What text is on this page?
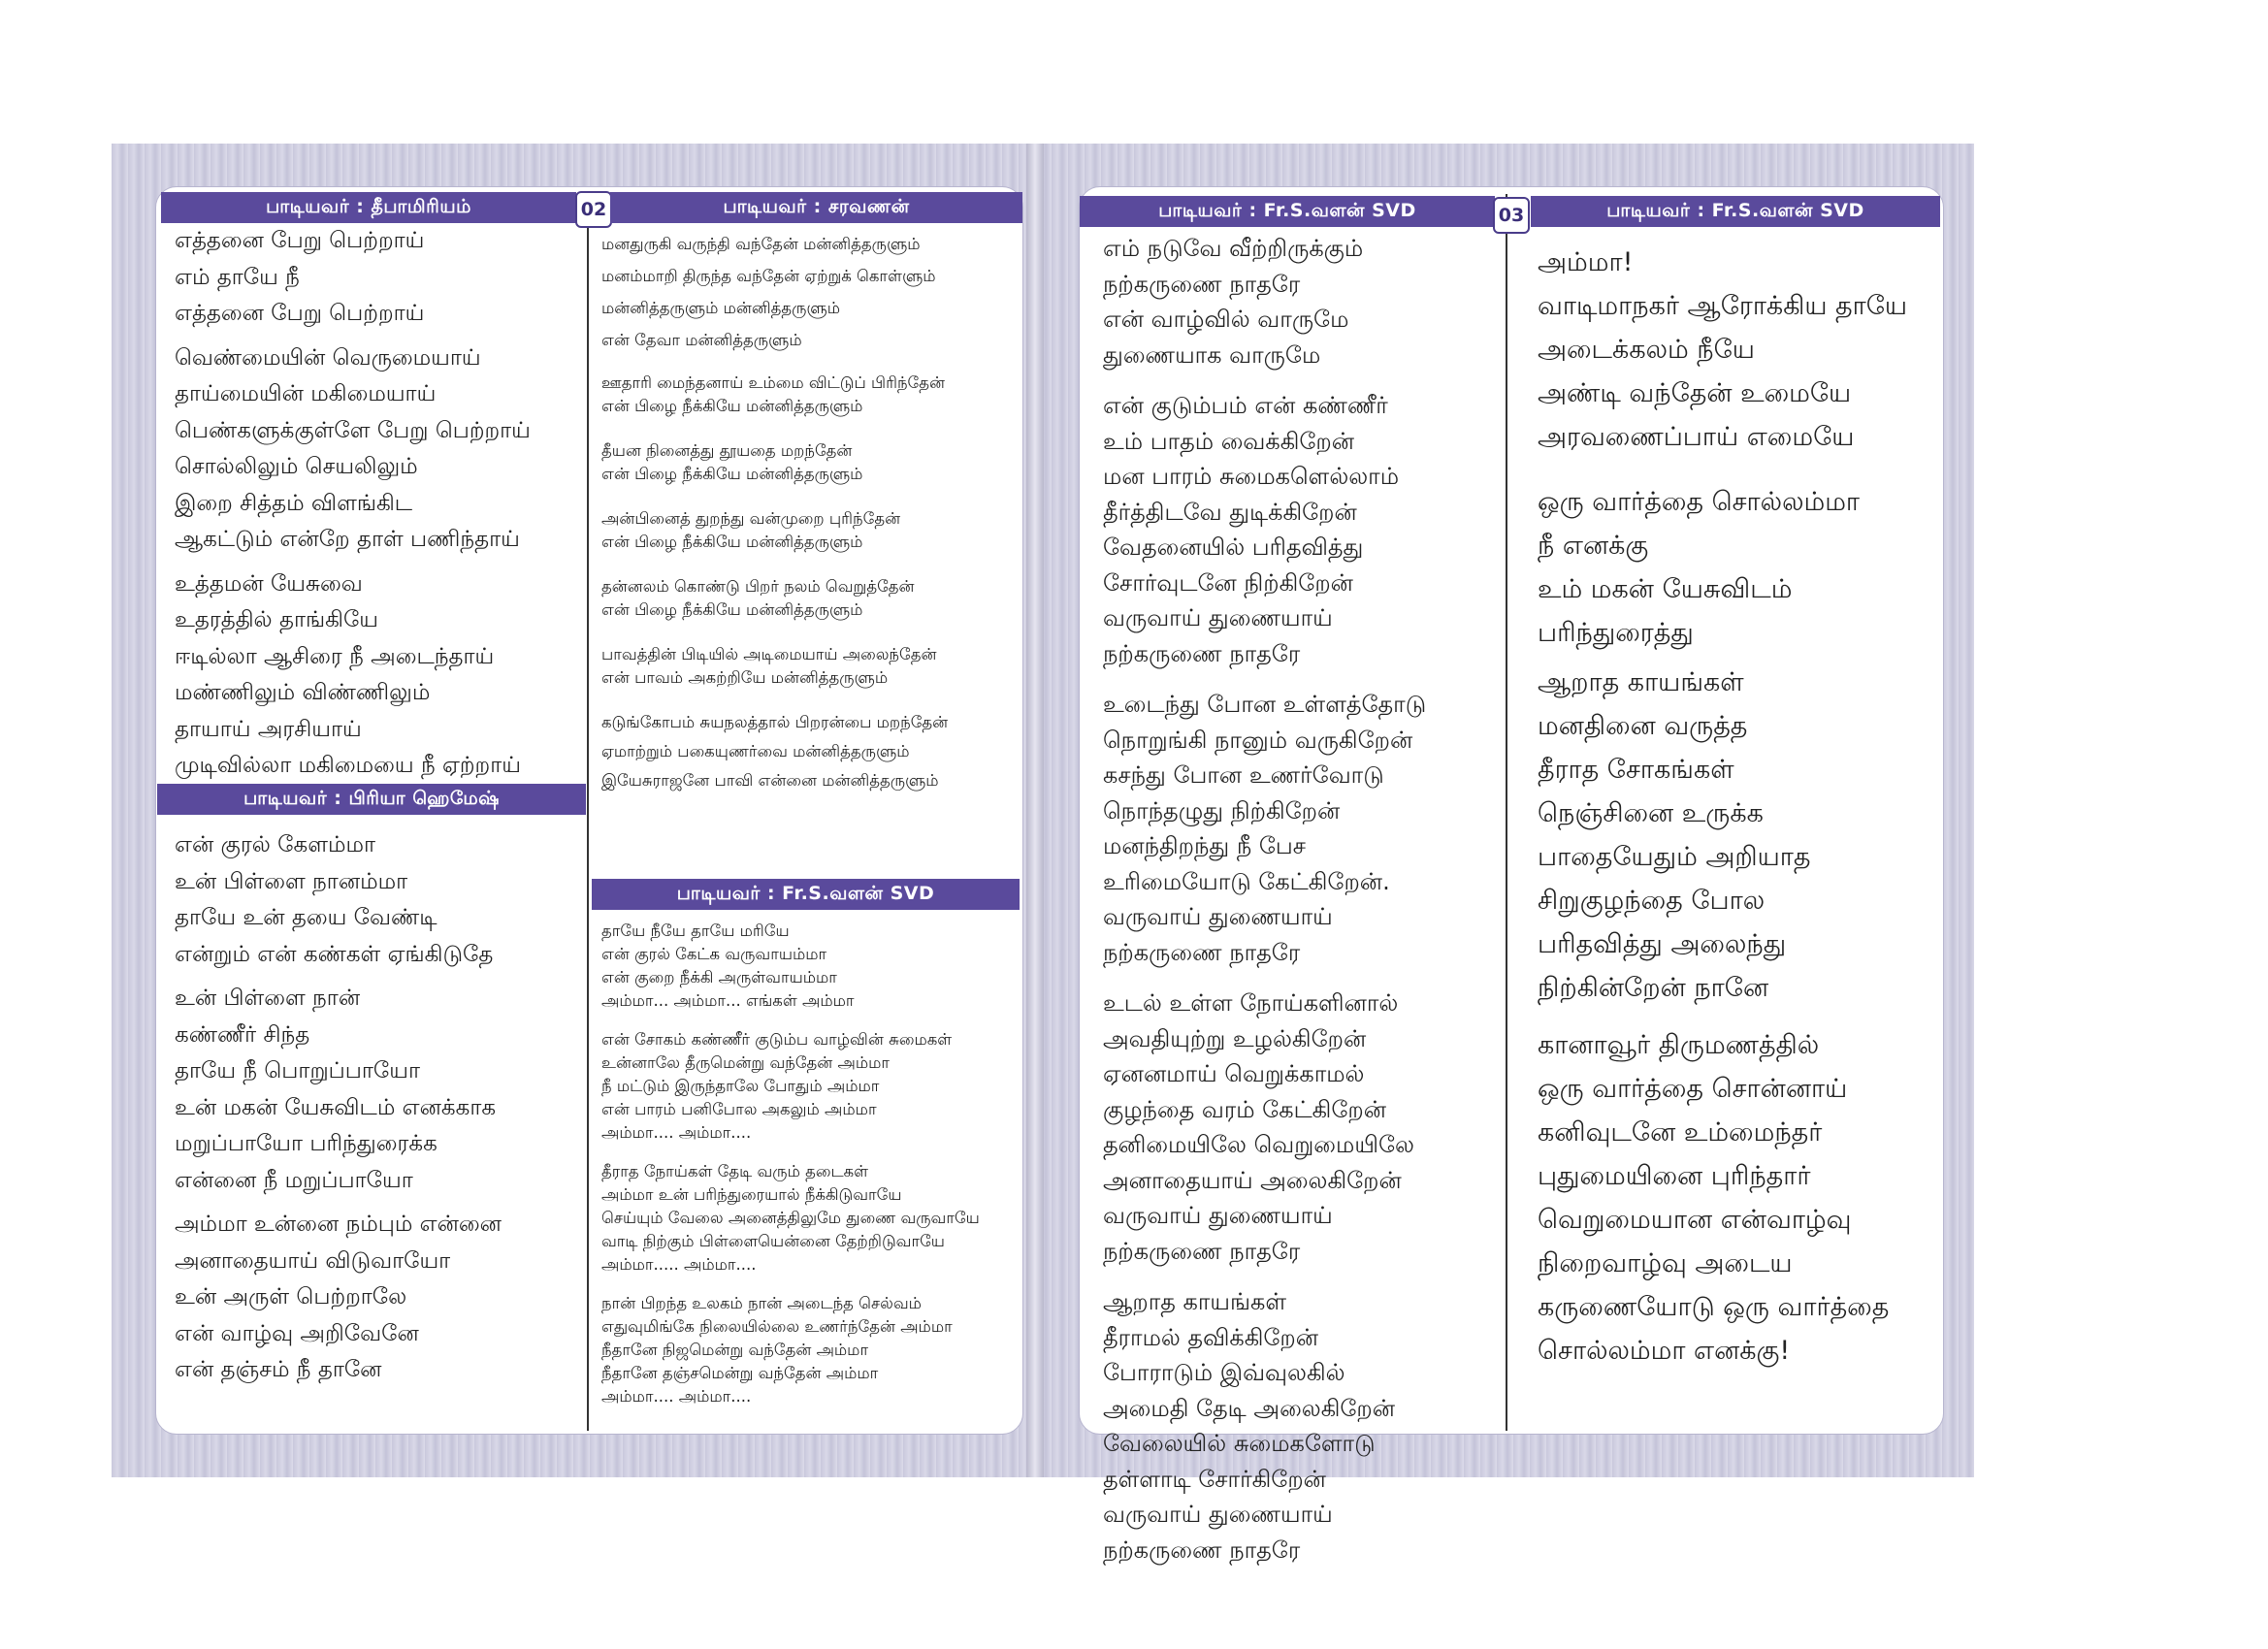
பாடியவர் : தீபாமிரியம்	02	பாடியவர் : சரவணன்
எத்தனை பேறு பெற்றாய்
எம் தாயே நீ
எத்தனை பேறு பெற்றாய்
வெண்மையின் வெருமையாய்
தாய்மையின் மகிமையாய்
பெண்களுக்குள்ளே பேறு பெற்றாய்
சொல்லிலும் செயலிலும்
இறை சித்தம் விளங்கிட
ஆகட்டும் என்றே தாள் பணிந்தாய்
உத்தமன் யேசுவை
உதரத்தில் தாங்கியே
ஈடில்லா ஆசிரை நீ அடைந்தாய்
மண்ணிலும் விண்ணிலும்
தாயாய் அரசியாய்
முடிவில்லா மகிமையை நீ ஏற்றாய்
பாடியவர் : பிரியா ஹெமேஷ்
என் குரல் கேளம்மா
உன் பிள்ளை நானம்மா
தாயே உன் தயை வேண்டி
என்றும் என் கண்கள் ஏங்கிடுதே
உன் பிள்ளை நான்
கண்ணீர் சிந்த
தாயே நீ பொறுப்பாயோ
உன் மகன் யேசுவிடம் எனக்காக
மறுப்பாயோ பரிந்துரைக்க
என்னை நீ மறுப்பாயோ
அம்மா உன்னை நம்பும் என்னை
அனாதையாய் விடுவாயோ
உன் அருள் பெற்றாலே
என் வாழ்வு அறிவேனே
என் தஞ்சம் நீ தானே
மனதுருகி வருந்தி வந்தேன் மன்னித்தருளும்
மனம்மாறி திருந்த வந்தேன் ஏற்றுக் கொள்ளும்
மன்னித்தருளும் மன்னித்தருளும்
என் தேவா மன்னித்தருளும்
ஊதாரி மைந்தனாய் உம்மை விட்டுப் பிரிந்தேன்
என் பிழை நீக்கியே மன்னித்தருளும்
தீயன நினைத்து தூயதை மறந்தேன்
என் பிழை நீக்கியே மன்னித்தருளும்
அன்பினைத் துறந்து வன்முறை புரிந்தேன்
என் பிழை நீக்கியே மன்னித்தருளும்
தன்னலம் கொண்டு பிறர் நலம் வெறுத்தேன்
என் பிழை நீக்கியே மன்னித்தருளும்
பாவத்தின் பிடியில் அடிமையாய் அலைந்தேன்
என் பாவம் அகற்றியே மன்னித்தருளும்
கடுங்கோபம் சுயநலத்தால் பிறரன்பை மறந்தேன்
ஏமாற்றும் பகையுணர்வை மன்னித்தருளும்
இயேசுராஜனே பாவி என்னை மன்னித்தருளும்
பாடியவர் : Fr.S.வளன் SVD
தாயே நீயே தாயே மரியே
என் குரல் கேட்க வருவாயம்மா
என் குறை நீக்கி அருள்வாயம்மா
அம்மா... அம்மா... எங்கள் அம்மா
என் சோகம் கண்ணீர் குடும்ப வாழ்வின் சுமைகள்
உன்னாலே தீருமென்று வந்தேன் அம்மா
நீ மட்டும் இருந்தாலே போதும் அம்மா
என் பாரம் பனிபோல அகலும் அம்மா
அம்மா.... அம்மா....
தீராத நோய்கள் தேடி வரும் தடைகள்
அம்மா உன் பரிந்துரையால் நீக்கிடுவாயே
செய்யும் வேலை அனைத்திலுமே துணை வருவாயே
வாடி நிற்கும் பிள்ளையென்னை தேற்றிடுவாயே
அம்மா..... அம்மா....
நான் பிறந்த உலகம் நான் அடைந்த செல்வம்
எதுவுமிங்கே நிலையில்லை உணர்ந்தேன் அம்மா
நீதானே நிஜமென்று வந்தேன் அம்மா
நீதானே தஞ்சமென்று வந்தேன் அம்மா
அம்மா.... அம்மா....
பாடியவர் : Fr.S.வளன் SVD	03	பாடியவர் : Fr.S.வளன் SVD
எம் நடுவே வீற்றிருக்கும்
நற்கருணை நாதரே
என் வாழ்வில் வாருமே
துணையாக வாருமே
என் குடும்பம் என் கண்ணீர்
உம் பாதம் வைக்கிறேன்
மன பாரம் சுமைகளெல்லாம்
தீர்த்திடவே துடிக்கிறேன்
வேதனையில் பரிதவித்து
சோர்வுடனே நிற்கிறேன்
வருவாய் துணையாய்
நற்கருணை நாதரே
உடைந்து போன உள்ளத்தோடு
நொறுங்கி நானும் வருகிறேன்
கசந்து போன உணர்வோடு
நொந்தழுது நிற்கிறேன்
மனந்திறந்து நீ பேச
உரிமையோடு கேட்கிறேன்.
வருவாய் துணையாய்
நற்கருணை நாதரே
உடல் உள்ள நோய்களினால்
அவதியுற்று உழல்கிறேன்
ஏனனமாய் வெறுக்காமல்
குழந்தை வரம் கேட்கிறேன்
தனிமையிலே வெறுமையிலே
அனாதையாய் அலைகிறேன்
வருவாய் துணையாய்
நற்கருணை நாதரே
ஆறாத காயங்கள்
தீராமல் தவிக்கிறேன்
போராடும் இவ்வுலகில்
அமைதி தேடி அலைகிறேன்
வேலையில் சுமைகளோடு
தள்ளாடி சோர்கிறேன்
வருவாய் துணையாய்
நற்கருணை நாதரே
அம்மா!
வாடிமாநகர் ஆரோக்கிய தாயே
அடைக்கலம் நீயே
அண்டி வந்தேன் உமையே
அரவணைப்பாய் எமையே
ஒரு வார்த்தை சொல்லம்மா
நீ எனக்கு
உம் மகன் யேசுவிடம்
பரிந்துரைத்து
ஆறாத காயங்கள்
மனதினை வருத்த
தீராத சோகங்கள்
நெஞ்சினை உருக்க
பாதையேதும் அறியாத
சிறுகுழந்தை போல
பரிதவித்து அலைந்து
நிற்கின்றேன் நானே
கானாவூர் திருமணத்தில்
ஒரு வார்த்தை சொன்னாய்
கனிவுடனே உம்மைந்தர்
புதுமையினை புரிந்தார்
வெறுமையான என்வாழ்வு
நிறைவாழ்வு அடைய
கருணையோடு ஒரு வார்த்தை
சொல்லம்மா எனக்கு!
